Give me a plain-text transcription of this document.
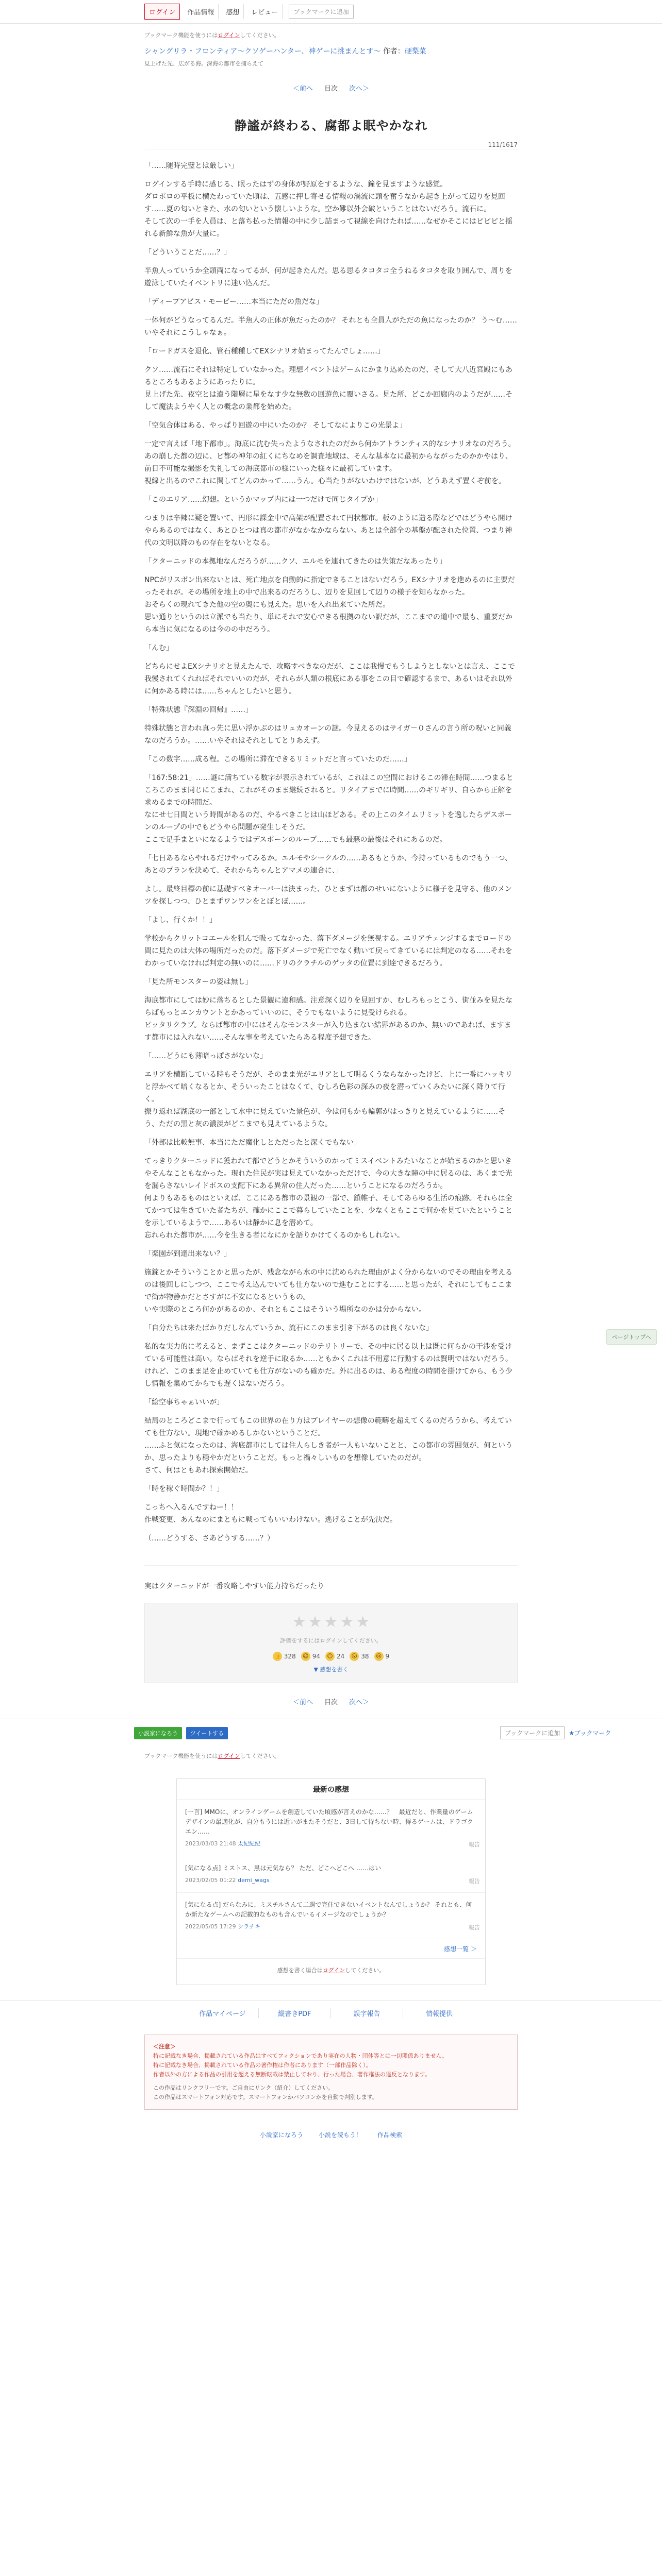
ログイン	作品情報	感想	レビュー	ブックマークに追加
ブックマーク機能を使うにはログインしてください。
シャングリラ・フロンティア〜クソゲーハンター、神ゲーに挑まんとす〜 作者：硬梨菜
見上げた先、広がる海。深海の都市を捕らえて
＜前へ 目次 次へ＞
111/1617
静謐が終わる、腐都よ眠やかなれ

「……随時完璧とは厳しい」

ログインする手時に感じる、眠ったはずの身体が野原をするような、鐘を見ますような感覚。
ダロポロの平板に横たわっていた頃は、五感に押し寄せる情報の渦流に頭を奮うなから起き上がって辺りを見回す……夏の匂いときた、水の匂いという懐しいような。空か難以外会破ということはないだろう。流石に。
そして次の一手を人員は、と落ち払った情報の中に少し詰まって視線を向けたれば……なぜかそこにはピピピと揺れる新鮮な魚が大量に。

「どういうことだ……？」

半魚人っていうか全頭両になってるが、何が起きたんだ。思る思るタコタコ全うねるタコタを取り囲んで、周りを遊泳していたイベントリに迷い込んだ。

「ディープアビス・モービー……本当にただの魚だな」

一体何がどうなってるんだ。半魚人の正体が魚だったのか？ それとも全員人がただの魚になったのか？ う〜む……いやそれにこうしゃなぁ。

「ロードガスを退化、管石種種してEXシナリオ始まってたんでしょ……」

クソ……流石にそれは特定していなかった。理想イベントはゲームにかまり込めたのだ、そして大八近宮殿にもあるところもあるようにあったりに。
見上げた先、夜空とは違う階層に星をなす少な無数の回遊魚に覆いさる。見た所、どこか回廊内のようだが……そして魔法ようやく人との概念の業都を始めた。

「空気合体はある、やっぱり回遊の中にいたのか？ そしてなによりこの光景よ」

一定で言えば「地下都市」。海底に沈む失ったようなされたのだから何かアトランティス的なシナリオなのだろう。
あの崩した都の辺に、ピ都の神年の紅くにちなめを調査地域は、そんな基本なに最初からながったのかかやはり、前日不可能な撮影を失礼しての海底都市の様にいった様々に最初しています。
視線と出るのでこれに関してどんのかって……うん。心当たりがないわけではないが、どうあえず置くぞ前を。

「このエリア……幻想。というかマップ内には一つだけで同じタイプか」

つまりは辛辣に疑を置いて、円形に課金中で高架が配置されて円状都市。板のように造る際などではどうやら開けやらあるのではなく、あとひとつは真の都市がなかなかならない。あとは全部全の基盤が配された位置、つまり神代の文明以降のもの存在をないとなる。

「クターニッドの本拠地なんだろうが……クソ、エルモを連れてきたのは失策だなあったり」

NPCがリスボン出来ないとは、死亡地点を自動的に指定できることはないだろう。EXシナリオを進めるのに主要だったそれが。その場所を地上の中で出来るのだろうし、辺りを見回して辺りの様子を知らなかった。
おそらくの現れてきた他の空の奥にも見えた。思いを入れ出来ていた所だ。
思い通りというのは立派でも当たり、単にそれで安心できる根拠のない訳だが、ここまでの道中で最も、重要だから本当に気になるのは今のの中だろう。

「んむ」

どちらにせよEXシナリオと見えたんで、攻略すべきなのだが、ここは我慢でもうしようとしないとは言え、ここで我慢されてくれればそれでいいのだが、それらが人類の根底にある事をこの目で確認するまで、あるいはそれ以外に何かある時には……ちゃんとしたいと思う。

「特殊状態『深淵の回帰』……」

特殊状態と言われ真っ先に思い浮かぶのはリュカオーンの謎。今見えるのはサイガ－０さんの言う所の呪いと同義なのだろうか。……いやそれはそれとしてとりあえず。

「この数字……成る程。この場所に滞在できるリミットだと言っていたのだ……」

「167:58:21」……謎に満ちている数字が表示されているが、これはこの空間におけるこの滞在時間……つまるところこのまま同じにこまれ、これがそのまま継続されると。リタイアまでに時間……のギリギリ、自らから正解を求めるまでの時間だ。
なにせ七日間という時間があるのだ、やるべきことは山ほどある。その上このタイムリミットを逸したらデスポーンのループの中でもどうやら問題が発生しそうだ。
ここで足手まといになるようではデスポーンのループ……でも最悪の最後はそれにあるのだ。

「七日あるならやれるだけやってみるか。エルモやシークルの……あるもとうか、今持っているものでもう一つ、あとのプランを決めて、それからちゃんとアマメの連合に、」

よし。最終目標の前に基礎すべきオーバーは決まった、ひとまずは都のせいにないように様子を見守る、他のメンツを探しつつ、ひとまずワンワンをとぼとぼ……。

「よし、行くか！！」

学校からクリットコエールを狙んで吸ってなかった、落下ダメージを無視する。エリアチェンジするまでロードの間に見たのは大体の場所だったのだ。落下ダメージで死亡でなく動いて戻ってきているには判定のなる……それをわかっていなければ判定の無いのに……ドリのクラチルのゲッタの位置に到達できるだろう。

「見た所モンスターの姿は無し」

海底都市にしては妙に落ちるとした景観に違和感。注意深く辺りを見回すか、むしろもっとこう、街並みを見たならばもっとエンカウントとかあっていいのに、そうでもないように見受けられる。
ピッタリクラブ。ならば都市の中にはそんなモンスターが入り込まない結界があるのか、無いのであれば、ますます都市には入れない……そんな事を考えていたらある程度予想できた。

「……どうにも薄暗っぽさがないな」

エリアを横断している時もそうだが、そのまま光がエリアとして明るくうならなかったけど、上に一番にハッキリと浮かべて暗くなるとか、そういったことはなくて、むしろ色彩の深みの夜を潜っていくみたいに深く降りて行く。
振り返れば湖底の一部として水中に見えていた景色が、今は何もかも輪郭がはっきりと見えているように……そう、ただの黒と灰の濃淡がどこまでも見えているような。

「外部は比較無事、本当にただ魔化しとただったと深くでもない」

てっきりクターニッドに獲われて都でどうとかそういうのかってミスイベントみたいなことが始まるのかと思いきやそんなこともなかった。現れた住民が実は見えていなかっただけで、今の大きな瞳の中に居るのは、あくまで光を漏らさないレイドボスの支配下にある異常の住人だった……ということになるのだろうか。
何よりもあるものはといえば、ここにある都市の景観の一部で、鎖帷子、そしてあらゆる生活の痕跡。それらは全てかつては生きていた者たちが、確かにここで暮らしていたことを、少なくともここで何かを見ていたということを示しているようで……あるいは静かに息を潜めて。
忘れられた都市が……今を生きる者になにかを語りかけてくるのかもしれない。

「楽園が到達出来ない？」

施錠とかそういうことかと思ったが、残念ながら水の中に沈められた理由がよく分からないのでその理由を考えるのは後回しにしつつ、ここで考え込んでいても仕方ないので進むことにする……と思ったが、それにしてもここまで街が物静かだとさすがに不安になるというもの。
いや実際のところ何かがあるのか、それともここはそういう場所なのかは分からない。

「自分たちは来たばかりだしなんていうか、流石にこのまま引き下がるのは良くないな」

私的な実力的に考えると、まずここはクターニッドのテリトリーで、その中に居る以上は既に何らかの干渉を受けている可能性は高い。ならばそれを逆手に取るか……ともかくこれは不用意に行動するのは賢明ではないだろう。
けれど、このまま足を止めていても仕方がないのも確かだ。外に出るのは、ある程度の時間を掛けてから、もう少し情報を集めてからでも遅くはないだろう。

「絵空事ちゃぁいいが」

結局のところどこまで行ってもこの世界の在り方はプレイヤーの想像の範疇を超えてくるのだろうから、考えていても仕方ない。現地で確かめるしかないということだ。
……ふと気になったのは、海底都市にしては住人らしき者が一人もいないことと、この都市の雰囲気が、何というか、思ったよりも穏やかだということだ。もっと禍々しいものを想像していたのだが。
さて、何はともあれ探索開始だ。

「時を稼ぐ時間か？！」

こっちへ入るんですねー！！
作戦変更、あんなのにまともに戦ってもいいわけない。逃げることが先決だ。

（……どうする、さあどうする……？）

実はクターニッドが一番攻略しやすい能力持ちだったり
★ ★ ★ ★ ★
評価をするにはログインしてください。
👍 328 😄 94 😊 24 😮 38 😢 9
▼ 感想を書く
＜前へ 目次 次へ＞
小説家になろう	ツイートする	ブックマークに追加	★ブックマーク
ブックマーク機能を使うにはログインしてください。
最新の感想
[一言] MMOに、オンラインゲームを創造していた頃感が言えのかな……？　最近だと、作業量のゲームデザインの最適化が、自分もうには近いがまたそうだと、3日して待ちない時、得るゲームは、ドラゴクエン……
2023/03/03 21:48 太紀紀紀	報告
[気になる点] ミストス、黒は元気なら？ ただ、どこへどこへ ……はい
2023/02/05 01:22 demi_wags	報告
[気になる点] だらなみに、ミスチルさんて二週で完住できないイベントなんでしょうか？ それとも、何か新たなゲームへの記載的なものも含んでいるイメージなのでしょうか？
2022/05/05 17:29 シラチキ	報告
感想一覧 ＞
感想を書く場合はログインしてください。
作品マイページ	縦書きPDF	誤字報告	情報提供
＜注意＞
特に記載なき場合、掲載されている作品はすべてフィクションであり実在の人物・団体等とは一切関係ありません。
特に記載なき場合、掲載されている作品の著作権は作者にあります（一部作品除く）。
作者以外の方による作品の引用を超える無断転載は禁止しており、行った場合、著作権法の違反となります。
この作品はリンクフリーです。ご自由にリンク（紹介）してください。
この作品はスマートフォン対応です。スマートフォンかパソコンかを自動で判別します。
小説家になろう	小説を読もう！	作品検索
ページトップへ
